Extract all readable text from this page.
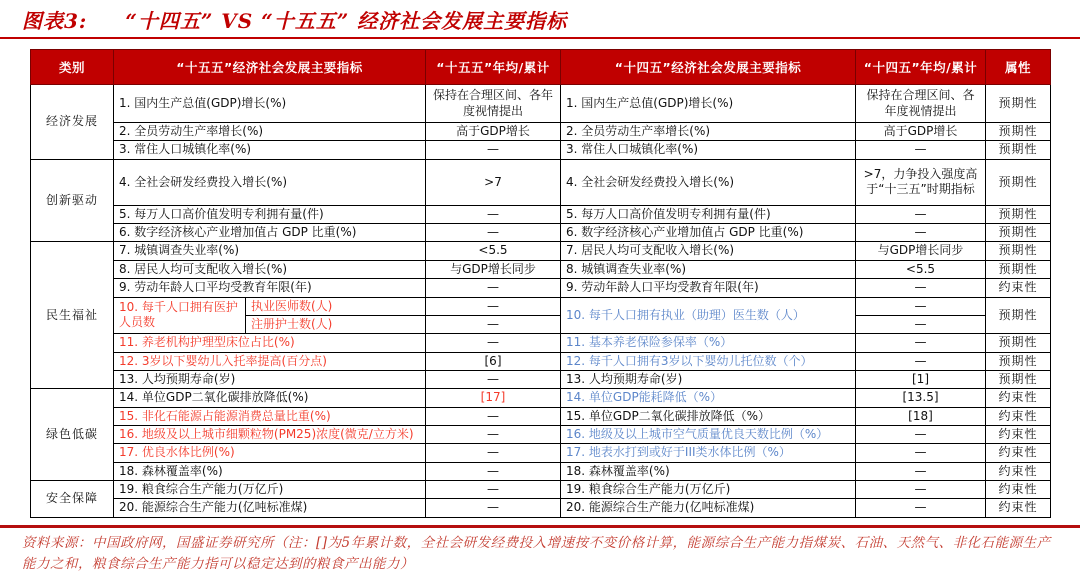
图表3: “十四五” VS “十五五” 经济社会发展主要指标
类别	“十五五”经济社会发展主要指标		“十五五”年均/累计	“十四五”经济社会发展主要指标	“十四五”年均/累计	属性
经济发展	1. 国内生产总值(GDP)增长(%)		保持在合理区间、各年度视情提出	1. 国内生产总值(GDP)增长(%)	保持在合理区间、各年度视情提出	预期性
	2. 全员劳动生产率增长(%)		高于GDP增长	2. 全员劳动生产率增长(%)	高于GDP增长	预期性
	3. 常住人口城镇化率(%)		—	3. 常住人口城镇化率(%)	—	预期性
创新驱动	4. 全社会研发经费投入增长(%)		>7	4. 全社会研发经费投入增长(%)	>7，力争投入强度高于“十三五”时期指标	预期性
	5. 每万人口高价值发明专利拥有量(件)		—	5. 每万人口高价值发明专利拥有量(件)	—	预期性
	6. 数字经济核心产业增加值占 GDP 比重(%)		—	6. 数字经济核心产业增加值占 GDP 比重(%)	—	预期性
民生福祉	7. 城镇调查失业率(%)		<5.5	7. 居民人均可支配收入增长(%)	与GDP增长同步	预期性
	8. 居民人均可支配收入增长(%)		与GDP增长同步	8. 城镇调查失业率(%)	<5.5	预期性
	9. 劳动年龄人口平均受教育年限(年)		—	9. 劳动年龄人口平均受教育年限(年)	—	约束性
	10. 每千人口拥有医护人员数	执业医师数(人)	—	10. 每千人口拥有执业（助理）医生数（人）	—	预期性
		注册护士数(人)	—		—	
	11. 养老机构护理型床位占比(%)		—	11. 基本养老保险参保率（%）	—	预期性
	12. 3岁以下婴幼儿入托率提高(百分点)		[6]	12. 每千人口拥有3岁以下婴幼儿托位数（个）	—	预期性
	13. 人均预期寿命(岁)		—	13. 人均预期寿命(岁)	[1]	预期性
绿色低碳	14. 单位GDP二氧化碳排放降低(%)		[17]	14. 单位GDP能耗降低（%）	[13.5]	约束性
	15. 非化石能源占能源消费总量比重(%)		—	15. 单位GDP二氧化碳排放降低（%）	[18]	约束性
	16. 地级及以上城市细颗粒物(PM25)浓度(微克/立方米)		—	16. 地级及以上城市空气质量优良天数比例（%）	—	约束性
	17. 优良水体比例(%)		—	17. 地表水打到或好于III类水体比例（%）	—	约束性
	18. 森林覆盖率(%)		—	18. 森林覆盖率(%)	—	约束性
安全保障	19. 粮食综合生产能力(万亿斤)		—	19. 粮食综合生产能力(万亿斤)	—	约束性
	20. 能源综合生产能力(亿吨标准煤)		—	20. 能源综合生产能力(亿吨标准煤)	—	约束性
资料来源：中国政府网，国盛证券研究所（注：[]为5年累计数，全社会研发经费投入增速按不变价格计算，能源综合生产能力指煤炭、石油、天然气、非化石能源生产能力之和，粮食综合生产能力指可以稳定达到的粮食产出能力）
